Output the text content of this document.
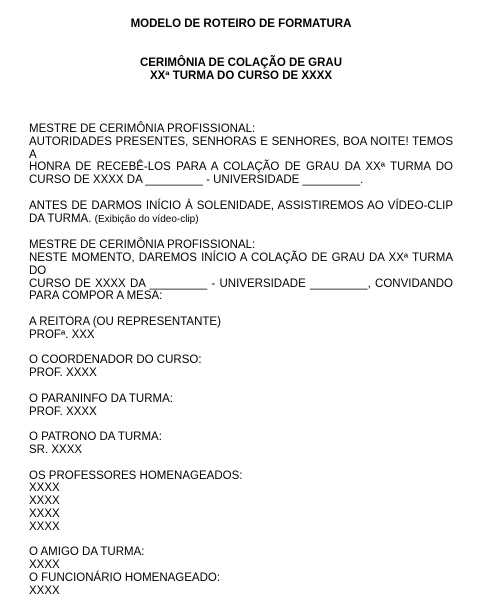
MODELO DE ROTEIRO DE FORMATURA
CERIMÔNIA DE COLAÇÃO DE GRAU
XXª TURMA DO CURSO DE XXXX
MESTRE DE CERIMÔNIA PROFISSIONAL:
AUTORIDADES PRESENTES, SENHORAS E SENHORES, BOA NOITE! TEMOS A
HONRA DE RECEBÊ-LOS PARA A COLAÇÃO DE GRAU DA XXª TURMA DO
CURSO DE XXXX DA _________ - UNIVERSIDADE _________.
ANTES DE DARMOS INÍCIO À SOLENIDADE, ASSISTIREMOS AO VÍDEO-CLIP
DA TURMA. (Exibição do vídeo-clip)
MESTRE DE CERIMÔNIA PROFISSIONAL:
NESTE MOMENTO, DAREMOS INÍCIO A COLAÇÃO DE GRAU DA XXª TURMA DO
CURSO DE XXXX DA _________ - UNIVERSIDADE _________, CONVIDANDO
PARA COMPOR A MESA:
A REITORA (OU REPRESENTANTE)
PROFª. XXX
O COORDENADOR DO CURSO:
PROF. XXXX
O PARANINFO DA TURMA:
PROF. XXXX
O PATRONO DA TURMA:
SR. XXXX
OS PROFESSORES HOMENAGEADOS:
XXXX
XXXX
XXXX
XXXX
O AMIGO DA TURMA:
XXXX
O FUNCIONÁRIO HOMENAGEADO:
XXXX
